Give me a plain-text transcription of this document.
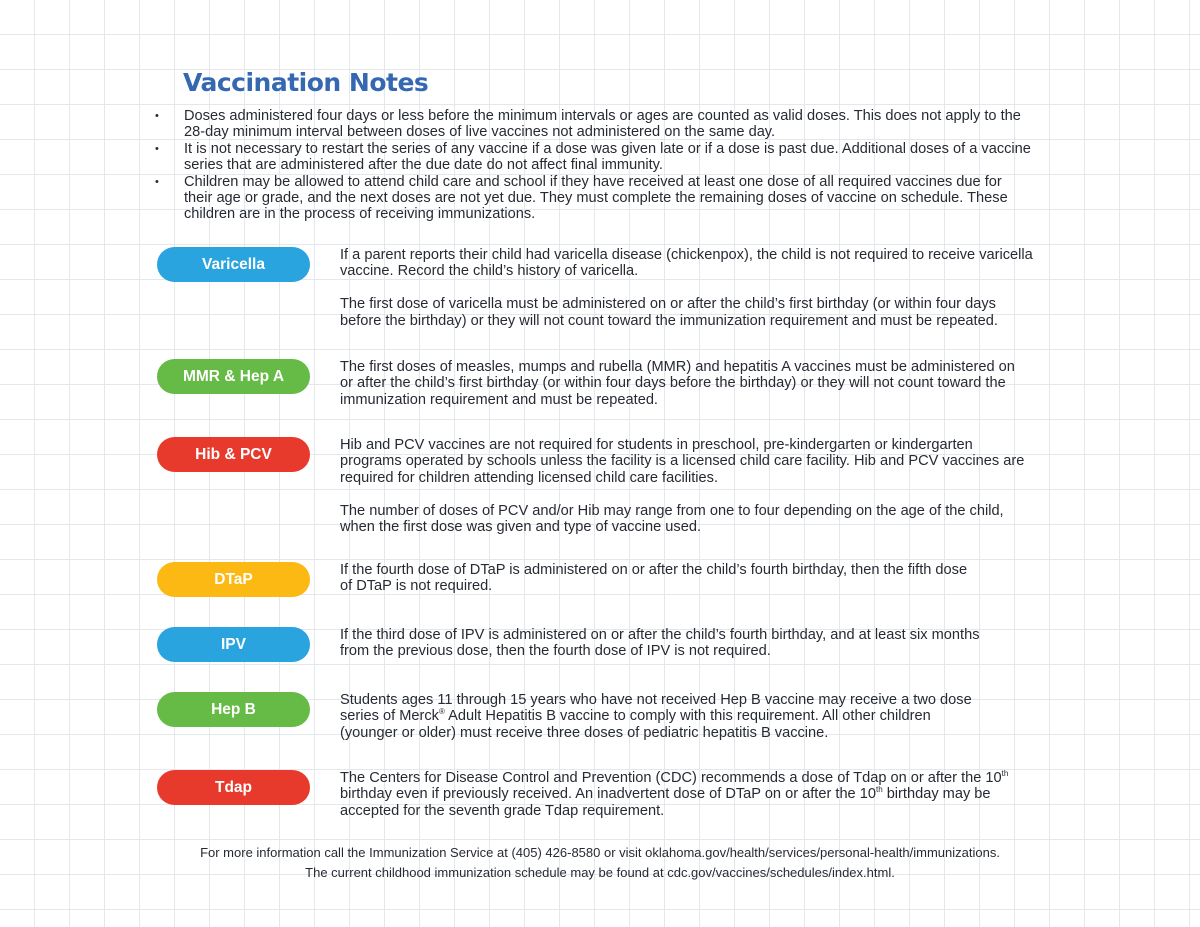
Vaccination Notes
• Doses administered four days or less before the minimum intervals or ages are counted as valid doses. This does not apply to the
28-day minimum interval between doses of live vaccines not administered on the same day.
• It is not necessary to restart the series of any vaccine if a dose was given late or if a dose is past due. Additional doses of a vaccine
series that are administered after the due date do not affect final immunity.
• Children may be allowed to attend child care and school if they have received at least one dose of all required vaccines due for
their age or grade, and the next doses are not yet due. They must complete the remaining doses of vaccine on schedule. These
children are in the process of receiving immunizations.
Varicella

If a parent reports their child had varicella disease (chickenpox), the child is not required to receive varicella
vaccine. Record the child’s history of varicella.

The first dose of varicella must be administered on or after the child’s first birthday (or within four days
before the birthday) or they will not count toward the immunization requirement and must be repeated.

MMR & Hep A

The first doses of measles, mumps and rubella (MMR) and hepatitis A vaccines must be administered on
or after the child’s first birthday (or within four days before the birthday) or they will not count toward the
immunization requirement and must be repeated.

Hib & PCV

Hib and PCV vaccines are not required for students in preschool, pre-kindergarten or kindergarten
programs operated by schools unless the facility is a licensed child care facility. Hib and PCV vaccines are
required for children attending licensed child care facilities.

The number of doses of PCV and/or Hib may range from one to four depending on the age of the child,
when the first dose was given and type of vaccine used.

DTaP

If the fourth dose of DTaP is administered on or after the child’s fourth birthday, then the fifth dose
of DTaP is not required.

IPV

If the third dose of IPV is administered on or after the child’s fourth birthday, and at least six months
from the previous dose, then the fourth dose of IPV is not required.

Hep B

Students ages 11 through 15 years who have not received Hep B vaccine may receive a two dose
series of Merck® Adult Hepatitis B vaccine to comply with this requirement. All other children
(younger or older) must receive three doses of pediatric hepatitis B vaccine.

Tdap

The Centers for Disease Control and Prevention (CDC) recommends a dose of Tdap on or after the 10th
birthday even if previously received. An inadvertent dose of DTaP on or after the 10th birthday may be
accepted for the seventh grade Tdap requirement.

For more information call the Immunization Service at (405) 426-8580 or visit oklahoma.gov/health/services/personal-health/immunizations.

The current childhood immunization schedule may be found at cdc.gov/vaccines/schedules/index.html.
